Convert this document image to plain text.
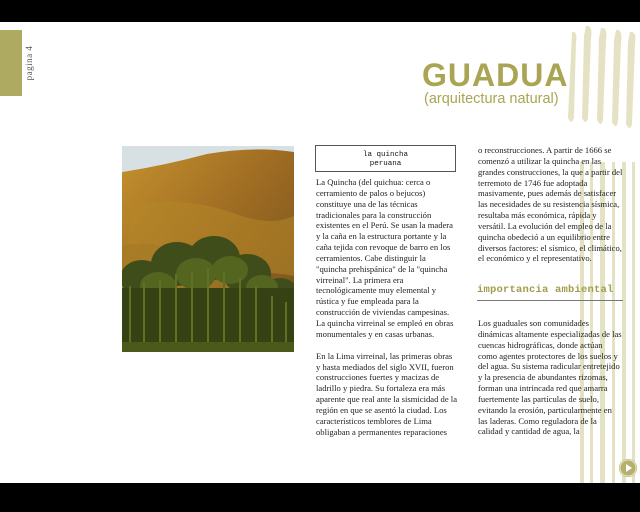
pagina 4	GUADUA
(arquitectura natural)
la quincha
peruana

La Quincha (del quichua: cerca o cerramiento de palos o bejucos) constituye una de las técnicas tradicionales para la construcción existentes en el Perú. Se usan la madera y la caña en la estructura portante y la caña tejida con revoque de barro en los cerramientos. Cabe distinguir la "quincha prehispánica" de la "quincha virreinal". La primera era tecnológicamente muy elemental y rústica y fue empleada para la construcción de viviendas campesinas. La quincha virreinal se empleó en obras monumentales y en casas urbanas.

En la Lima virreinal, las primeras obras y hasta mediados del siglo XVII, fueron construcciones fuertes y macizas de ladrillo y piedra. Su fortaleza era más aparente que real ante la sismicidad de la región en que se asentó la ciudad. Los característicos temblores de Lima obligaban a permanentes reparaciones

o reconstrucciones. A partir de 1666 se comenzó a utilizar la quincha en las grandes construcciones, la que a partir del terremoto de 1746 fue adoptada masivamente, pues además de satisfacer las necesidades de su resistencia sísmica, resultaba más económica, rápida y versátil. La evolución del empleo de la quincha obedeció a un equilibrio entre diversos factores: el sísmico, el climático, el económico y el representativo.

importancia ambiental

Los guaduales son comunidades dinámicas altamente especializadas de las cuencas hidrográficas, donde actúan como agentes protectores de los suelos y del agua. Su sistema radicular entretejido y la presencia de abundantes rizomas, forman una intrincada red que amarra fuertemente las partículas de suelo, evitando la erosión, particularmente en las laderas. Como reguladora de la calidad y cantidad de agua, la
